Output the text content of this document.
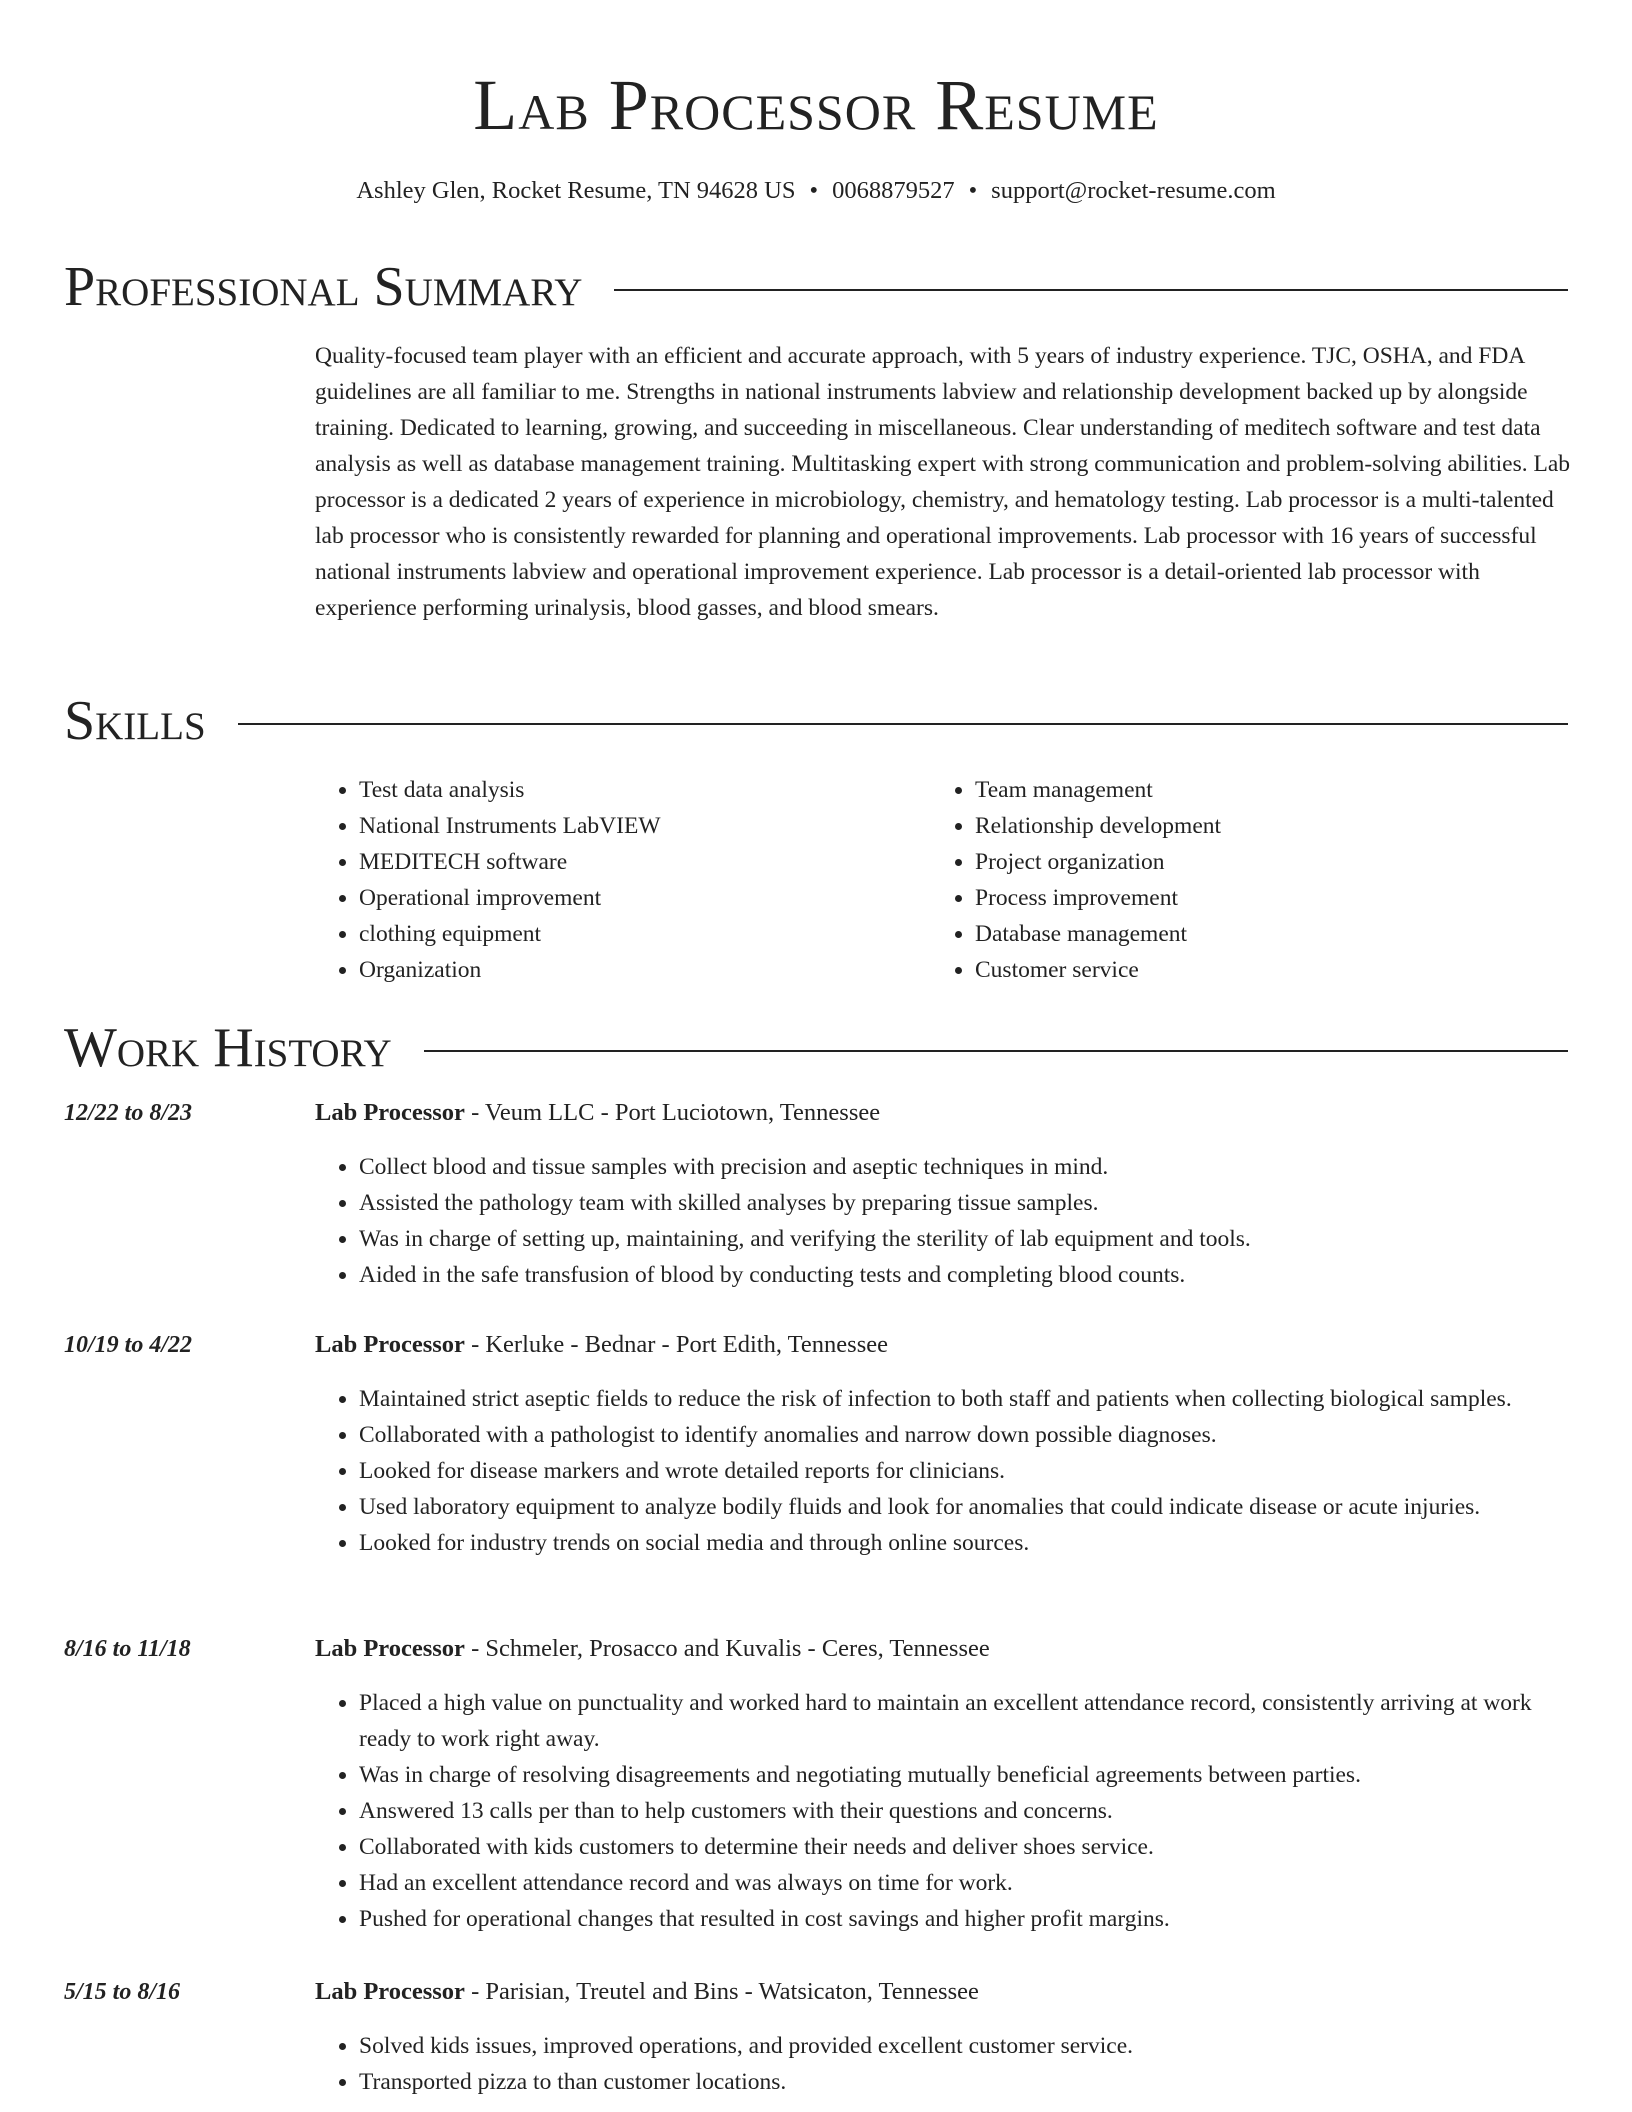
Lab Processor Resume
Ashley Glen, Rocket Resume, TN 94628 US • 0068879527 • support@rocket-resume.com
Professional Summary

Quality-focused team player with an efficient and accurate approach, with 5 years of industry experience. TJC, OSHA, and FDA guidelines are all familiar to me. Strengths in national instruments labview and relationship development backed up by alongside training. Dedicated to learning, growing, and succeeding in miscellaneous. Clear understanding of meditech software and test data analysis as well as database management training. Multitasking expert with strong communication and problem-solving abilities. Lab processor is a dedicated 2 years of experience in microbiology, chemistry, and hematology testing. Lab processor is a multi-talented lab processor who is consistently rewarded for planning and operational improvements. Lab processor with 16 years of successful national instruments labview and operational improvement experience. Lab processor is a detail-oriented lab processor with experience performing urinalysis, blood gasses, and blood smears.

Skills
• Test data analysis
• National Instruments LabVIEW
• MEDITECH software
• Operational improvement
• clothing equipment
• Organization
• Team management
• Relationship development
• Project organization
• Process improvement
• Database management
• Customer service
Work History
12/22 to 8/23	Lab Processor - Veum LLC - Port Luciotown, Tennessee
• Collect blood and tissue samples with precision and aseptic techniques in mind.
• Assisted the pathology team with skilled analyses by preparing tissue samples.
• Was in charge of setting up, maintaining, and verifying the sterility of lab equipment and tools.
• Aided in the safe transfusion of blood by conducting tests and completing blood counts.
10/19 to 4/22	Lab Processor - Kerluke - Bednar - Port Edith, Tennessee
• Maintained strict aseptic fields to reduce the risk of infection to both staff and patients when collecting biological samples.
• Collaborated with a pathologist to identify anomalies and narrow down possible diagnoses.
• Looked for disease markers and wrote detailed reports for clinicians.
• Used laboratory equipment to analyze bodily fluids and look for anomalies that could indicate disease or acute injuries.
• Looked for industry trends on social media and through online sources.
8/16 to 11/18	Lab Processor - Schmeler, Prosacco and Kuvalis - Ceres, Tennessee
• Placed a high value on punctuality and worked hard to maintain an excellent attendance record, consistently arriving at work ready to work right away.
• Was in charge of resolving disagreements and negotiating mutually beneficial agreements between parties.
• Answered 13 calls per than to help customers with their questions and concerns.
• Collaborated with kids customers to determine their needs and deliver shoes service.
• Had an excellent attendance record and was always on time for work.
• Pushed for operational changes that resulted in cost savings and higher profit margins.
5/15 to 8/16	Lab Processor - Parisian, Treutel and Bins - Watsicaton, Tennessee
• Solved kids issues, improved operations, and provided excellent customer service.
• Transported pizza to than customer locations.
